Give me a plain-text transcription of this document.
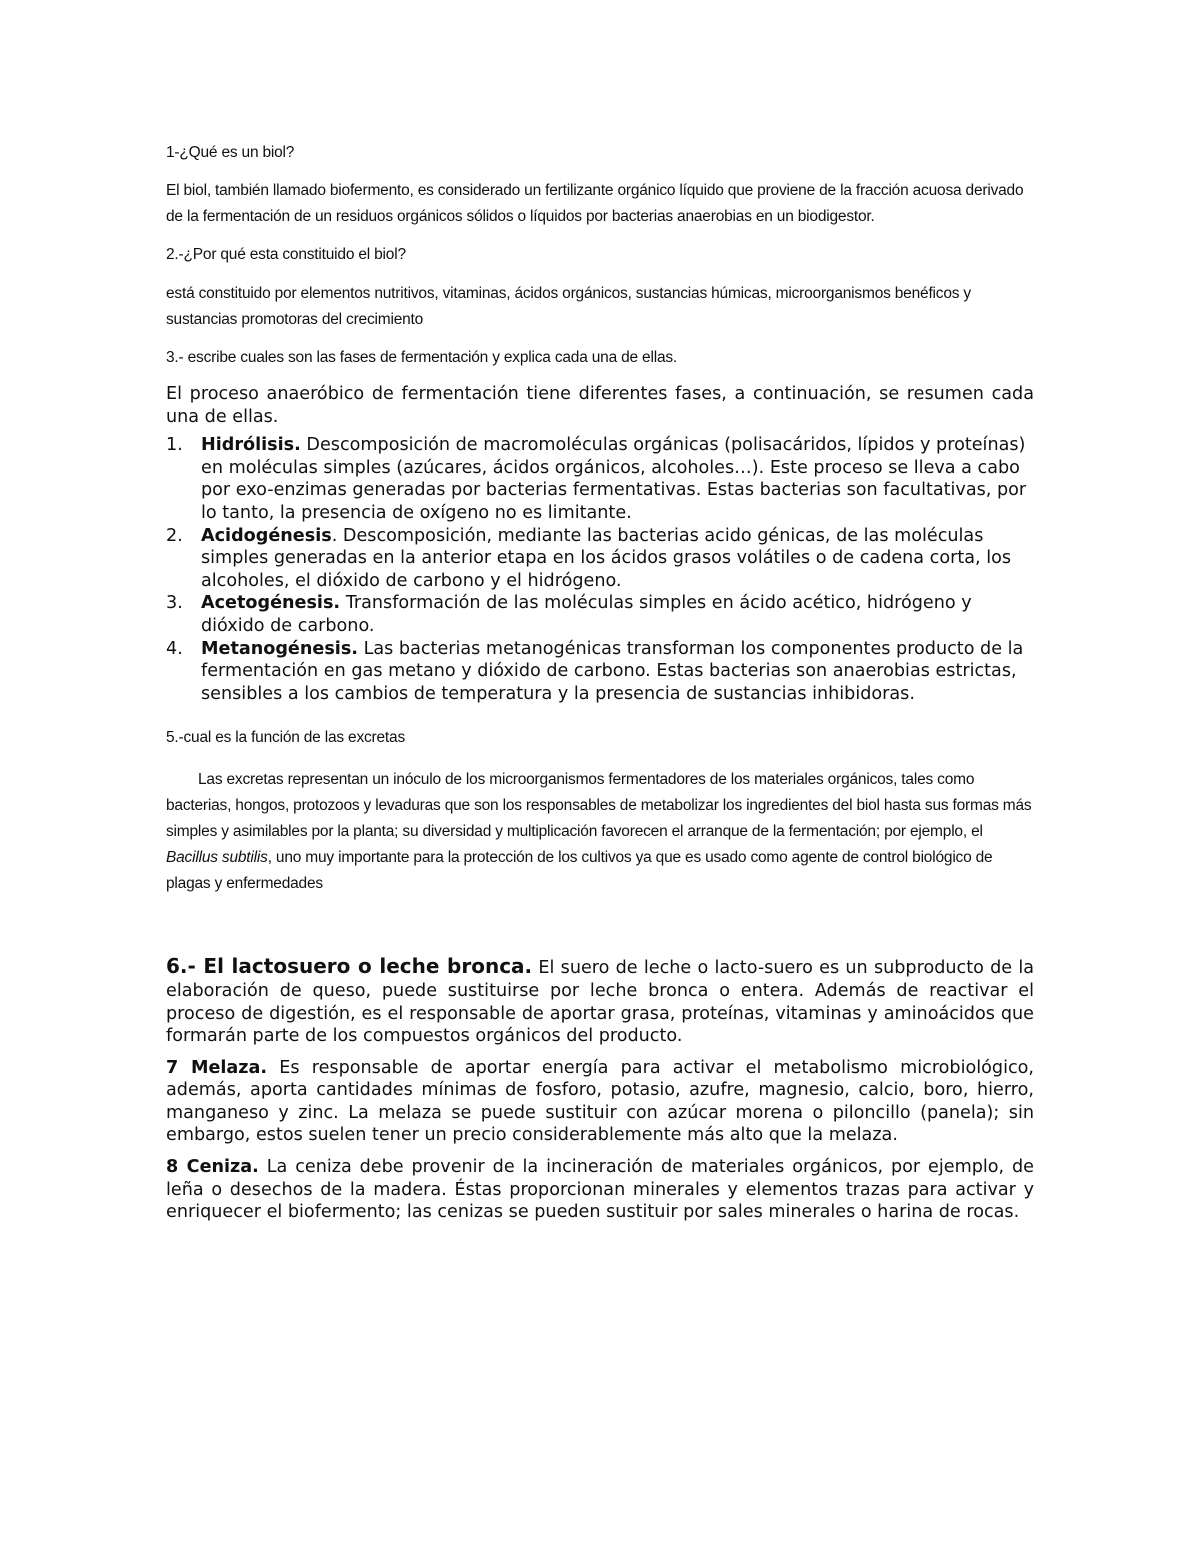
1-¿Qué es un biol?

El biol, también llamado biofermento, es considerado un fertilizante orgánico líquido que proviene de la fracción acuosa derivado de la fermentación de un residuos orgánicos sólidos o líquidos por bacterias anaerobias en un biodigestor.

2.-¿Por qué esta constituido el biol?

está constituido por elementos nutritivos, vitaminas, ácidos orgánicos, sustancias húmicas, microorganismos benéficos y sustancias promotoras del crecimiento

3.- escribe cuales son las fases de fermentación y explica cada una de ellas.

El proceso anaeróbico de fermentación tiene diferentes fases, a continuación, se resumen cada una de ellas.

1. Hidrólisis. Descomposición de macromoléculas orgánicas (polisacáridos, lípidos y proteínas) en moléculas simples (azúcares, ácidos orgánicos, alcoholes…). Este proceso se lleva a cabo por exo-enzimas generadas por bacterias fermentativas. Estas bacterias son facultativas, por lo tanto, la presencia de oxígeno no es limitante.
2. Acidogénesis. Descomposición, mediante las bacterias acido génicas, de las moléculas simples generadas en la anterior etapa en los ácidos grasos volátiles o de cadena corta, los alcoholes, el dióxido de carbono y el hidrógeno.
3. Acetogénesis. Transformación de las moléculas simples en ácido acético, hidrógeno y dióxido de carbono.
4. Metanogénesis. Las bacterias metanogénicas transforman los componentes producto de la fermentación en gas metano y dióxido de carbono. Estas bacterias son anaerobias estrictas, sensibles a los cambios de temperatura y la presencia de sustancias inhibidoras.

5.-cual es la función de las excretas

Las excretas representan un inóculo de los microorganismos fermentadores de los materiales orgánicos, tales como bacterias, hongos, protozoos y levaduras que son los responsables de metabolizar los ingredientes del biol hasta sus formas más simples y asimilables por la planta; su diversidad y multiplicación favorecen el arranque de la fermentación; por ejemplo, el Bacillus subtilis, uno muy importante para la protección de los cultivos ya que es usado como agente de control biológico de plagas y enfermedades

6.- El lactosuero o leche bronca. El suero de leche o lacto-suero es un subproducto de la elaboración de queso, puede sustituirse por leche bronca o entera. Además de reactivar el proceso de digestión, es el responsable de aportar grasa, proteínas, vitaminas y aminoácidos que formarán parte de los compuestos orgánicos del producto.

7 Melaza. Es responsable de aportar energía para activar el metabolismo microbiológico, además, aporta cantidades mínimas de fosforo, potasio, azufre, magnesio, calcio, boro, hierro, manganeso y zinc. La melaza se puede sustituir con azúcar morena o piloncillo (panela); sin embargo, estos suelen tener un precio considerablemente más alto que la melaza.

8 Ceniza. La ceniza debe provenir de la incineración de materiales orgánicos, por ejemplo, de leña o desechos de la madera. Éstas proporcionan minerales y elementos trazas para activar y enriquecer el biofermento; las cenizas se pueden sustituir por sales minerales o harina de rocas.
